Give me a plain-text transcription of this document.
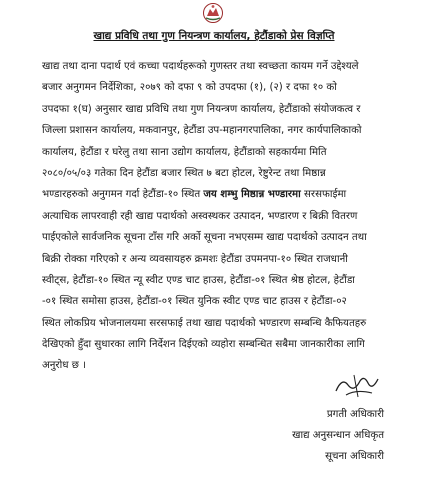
खाद्य प्रविधि तथा गुण नियन्त्रण कार्यालय, हेटौंडाको प्रेस विज्ञप्ति
खाद्य तथा दाना पदार्थ एवं कच्चा पदार्थहरूको गुणस्तर तथा स्वच्छता कायम गर्ने उद्देश्यले
बजार अनुगमन निर्देशिका, २०७९ को दफा ९ को उपदफा (१), (२) र दफा १० को
उपदफा १(घ) अनुसार खाद्य प्रविधि तथा गुण नियन्त्रण कार्यालय, हेटौंडाको संयोजकत्व र
जिल्ला प्रशासन कार्यालय, मकवानपुर, हेटौंडा उप-महानगरपालिका, नगर कार्यपालिकाको
कार्यालय, हेटौंडा र घरेलु तथा साना उद्योग कार्यालय, हेटौंडाको सहकार्यमा मिति
२०८०/०५/०३ गतेका दिन हेटौंडा बजार स्थित ७ बटा होटल, रेष्टुरेन्ट तथा मिष्ठान्न
भण्डारहरुको अनुगमन गर्दा हेटौंडा-१० स्थित जय शम्भु मिष्ठान्न भण्डारमा सरसफाईमा
अत्याधिक लापरवाही रही खाद्य पदार्थको अस्वस्थकर उत्पादन, भण्डारण र बिक्री वितरण
पाईएकोले सार्वजनिक सूचना टाँस गरि अर्को सूचना नभएसम्म खाद्य पदार्थको उत्पादन तथा
बिक्री रोक्का गरिएको र अन्य व्यवसायहरु क्रमशः हेटौंडा उपमनपा-१० स्थित राजधानी
स्वीट्स, हेटौंडा-१० स्थित न्यू स्वीट एण्ड चाट हाउस, हेटौंडा-०१ स्थित श्रेष्ठ होटल, हेटौंडा
-०१ स्थित समोसा हाउस, हेटौंडा-०१ स्थित युनिक स्वीट एण्ड चाट हाउस र हेटौंडा-०२
स्थित लोकप्रिय भोजनालयमा सरसफाई तथा खाद्य पदार्थको भण्डारण सम्बन्धि कैफियतहरु
देखिएको हुँदा सुधारका लागि निर्देशन दिईएको व्यहोरा सम्बन्धित सबैमा जानकारीका लागि
अनुरोध छ ।
प्रगती अधिकारी
खाद्य अनुसन्धान अधिकृत
सूचना अधिकारी
